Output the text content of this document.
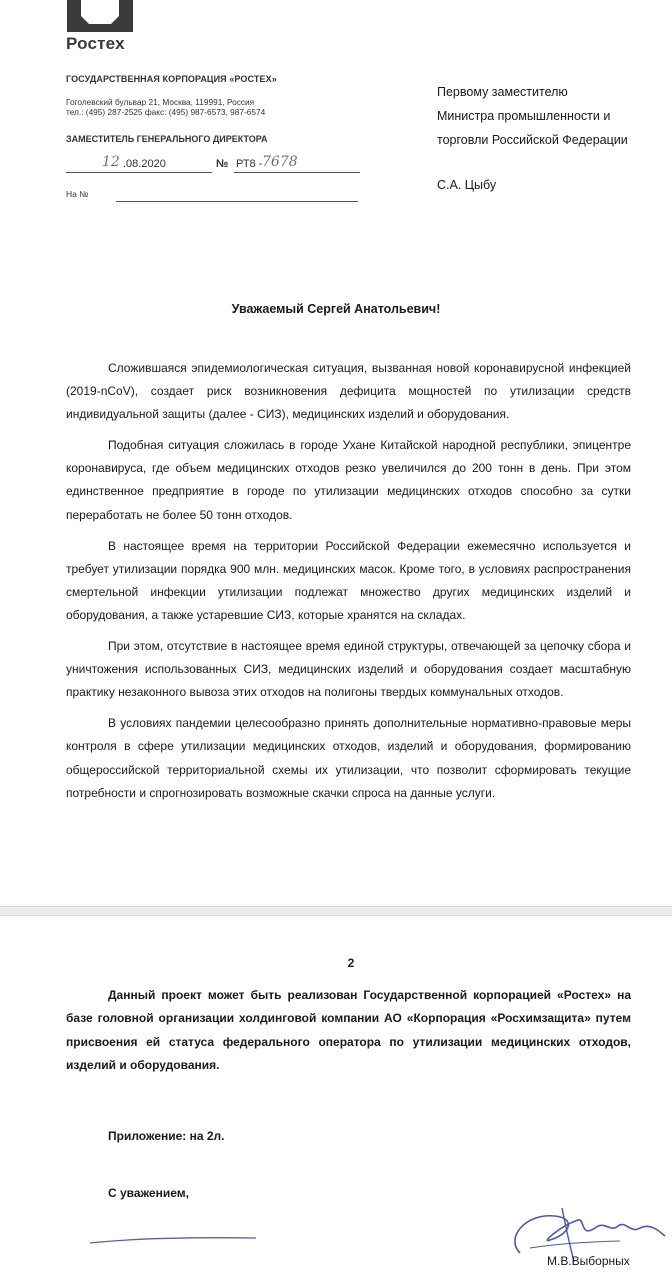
Ростех
ГОСУДАРСТВЕННАЯ КОРПОРАЦИЯ «РОСТЕХ»
Гоголевский бульвар 21, Москва, 119991, Россия
тел.: (495) 287-2525 факс: (495) 987-6573, 987-6574
ЗАМЕСТИТЕЛЬ ГЕНЕРАЛЬНОГО ДИРЕКТОРА
12 .08.2020	№ РТ8 - 7678
На №
Первому заместителю
Министра промышленности и
торговли Российской Федерации
С.А. Цыбу
Уважаемый Сергей Анатольевич!

Сложившаяся эпидемиологическая ситуация, вызванная новой коронавирусной инфекцией (2019-nCoV), создает риск возникновения дефицита мощностей по утилизации средств индивидуальной защиты (далее - СИЗ), медицинских изделий и оборудования.

Подобная ситуация сложилась в городе Ухане Китайской народной республики, эпицентре коронавируса, где объем медицинских отходов резко увеличился до 200 тонн в день. При этом единственное предприятие в городе по утилизации медицинских отходов способно за сутки переработать не более 50 тонн отходов.

В настоящее время на территории Российской Федерации ежемесячно используется и требует утилизации порядка 900 млн. медицинских масок. Кроме того, в условиях распространения смертельной инфекции утилизации подлежат множество других медицинских изделий и оборудования, а также устаревшие СИЗ, которые хранятся на складах.

При этом, отсутствие в настоящее время единой структуры, отвечающей за цепочку сбора и уничтожения использованных СИЗ, медицинских изделий и оборудования создает масштабную практику незаконного вывоза этих отходов на полигоны твердых коммунальных отходов.

В условиях пандемии целесообразно принять дополнительные нормативно-правовые меры контроля в сфере утилизации медицинских отходов, изделий и оборудования, формированию общероссийской территориальной схемы их утилизации, что позволит сформировать текущие потребности и спрогнозировать возможные скачки спроса на данные услуги.

2

Данный проект может быть реализован Государственной корпорацией «Ростех» на базе головной организации холдинговой компании АО «Корпорация «Росхимзащита» путем присвоения ей статуса федерального оператора по утилизации медицинских отходов, изделий и оборудования.

Приложение: на 2л.
С уважением,
М.В.Выборных
